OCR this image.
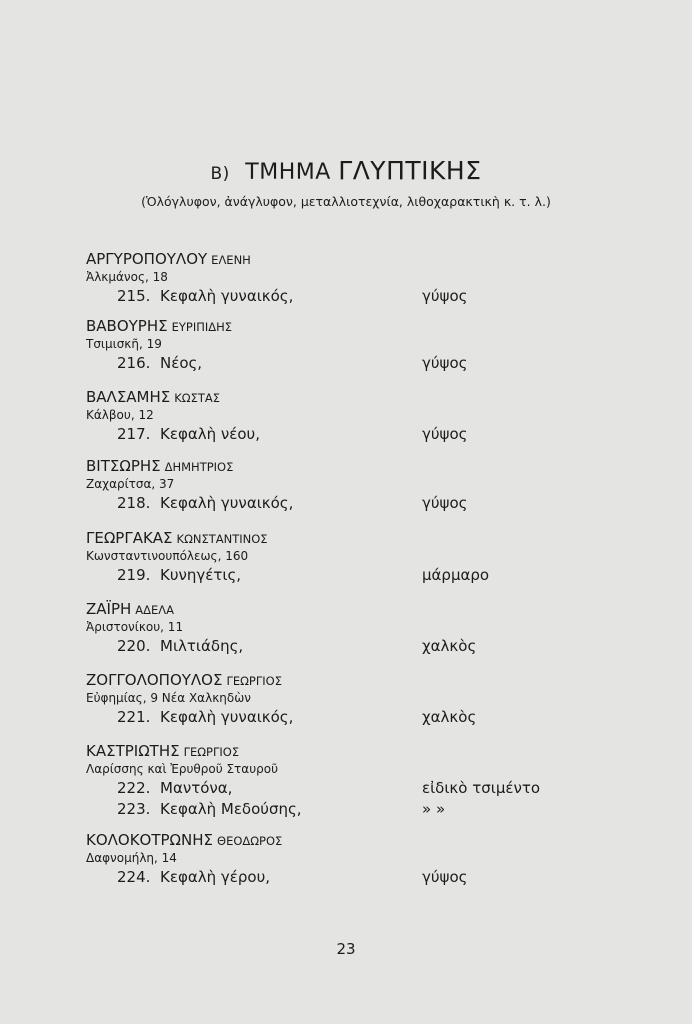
Β) ΤΜΗΜΑ ΓΛΥΠΤΙΚΗΣ
(Ὁλόγλυφον, ἀνάγλυφον, μεταλλιοτεχνία, λιθοχαρακτικὴ κ. τ. λ.)
ΑΡΓΥΡΟΠΟΥΛΟΥ ΕΛΕΝΗ
Ἀλκμάνος, 18
215. Κεφαλὴ γυναικός,	γύψος
ΒΑΒΟΥΡΗΣ ΕΥΡΙΠΙΔΗΣ
Τσιμισκῆ, 19
216. Νέος,	γύψος
ΒΑΛΣΑΜΗΣ ΚΩΣΤΑΣ
Κάλβου, 12
217. Κεφαλὴ νέου,	γύψος
ΒΙΤΣΩΡΗΣ ΔΗΜΗΤΡΙΟΣ
Ζαχαρίτσα, 37
218. Κεφαλὴ γυναικός,	γύψος
ΓΕΩΡΓΑΚΑΣ ΚΩΝΣΤΑΝΤΙΝΟΣ
Κωνσταντινουπόλεως, 160
219. Κυνηγέτις,	μάρμαρο
ΖΑΪΡΗ ΑΔΕΛΑ
Ἀριστονίκου, 11
220. Μιλτιάδης,	χαλκὸς
ΖΟΓΓΟΛΟΠΟΥΛΟΣ ΓΕΩΡΓΙΟΣ
Εὐφημίας, 9 Νέα Χαλκηδὼν
221. Κεφαλὴ γυναικός,	χαλκὸς
ΚΑΣΤΡΙΩΤΗΣ ΓΕΩΡΓΙΟΣ
Λαρίσσης καὶ Ἐρυθροῦ Σταυροῦ
222. Μαντόνα,	εἰδικὸ τσιμέντο
223. Κεφαλὴ Μεδούσης,	» »
ΚΟΛΟΚΟΤΡΩΝΗΣ ΘΕΟΔΩΡΟΣ
Δαφνομήλη, 14
224. Κεφαλὴ γέρου,	γύψος
23
